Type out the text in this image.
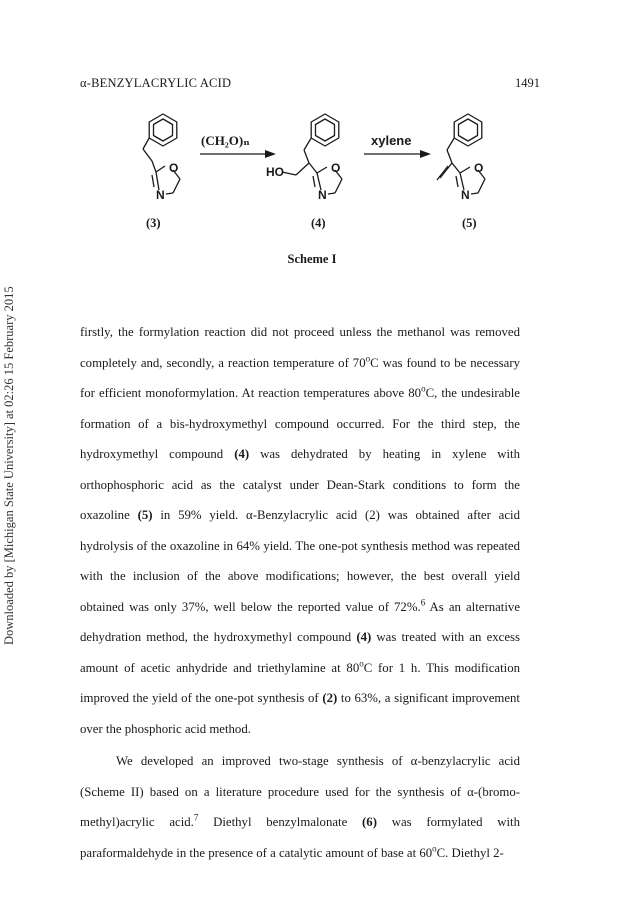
α-BENZYLACRYLIC ACID	1491
Downloaded by [Michigan State University] at 02:26 15 February 2015
O
N
O
N
HO	O
N
(CH₂O)ₙ	xylene
(3)	(4)	(5)
Scheme I

firstly, the formylation reaction did not proceed unless the methanol was removed completely and, secondly, a reaction temperature of 70$^o$C was found to be necessary for efficient monoformylation. At reaction temperatures above 80$^o$C, the undesirable formation of a bis-hydroxymethyl compound occurred. For the third step, the hydroxymethyl compound (4) was dehydrated by heating in xylene with orthophosphoric acid as the catalyst under Dean-Stark conditions to form the oxazoline (5) in 59% yield. α-Benzylacrylic acid (2) was obtained after acid hydrolysis of the oxazoline in 64% yield. The one-pot synthesis method was repeated with the inclusion of the above modifications; however, the best overall yield obtained was only 37%, well below the reported value of 72%.$^6$ As an alternative dehydration method, the hydroxymethyl compound (4) was treated with an excess amount of acetic anhydride and triethylamine at 80$^o$C for 1 h. This modification improved the yield of the one-pot synthesis of (2) to 63%, a significant improvement over the phosphoric acid method.

We developed an improved two-stage synthesis of α-benzylacrylic acid (Scheme II) based on a literature procedure used for the synthesis of α-(bromo-methyl)acrylic acid.$^7$ Diethyl benzylmalonate (6) was formylated with paraformaldehyde in the presence of a catalytic amount of base at 60$^o$C. Diethyl 2-
